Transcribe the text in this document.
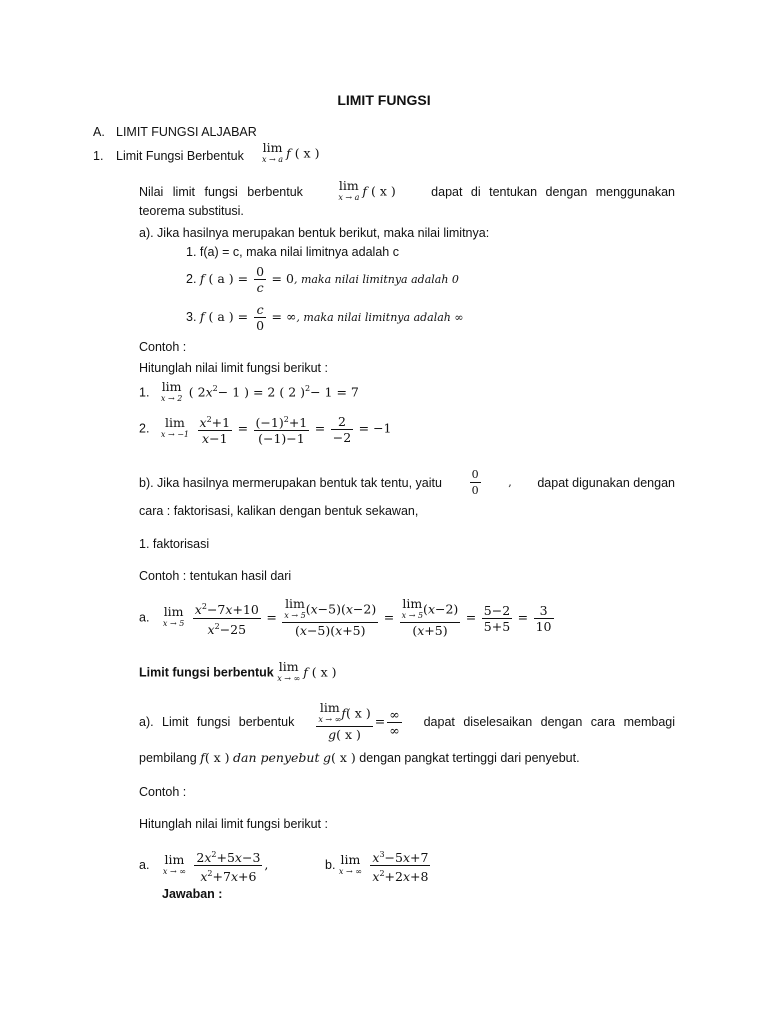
LIMIT FUNGSI
A. LIMIT FUNGSI ALJABAR
1. Limit Fungsi Berbentuk
lim
x → a f ( x )
Nilai limit fungsi berbentuk	lim
x → a f ( x )	dapat di tentukan dengan menggunakan
teorema substitusi.
a). Jika hasilnya merupakan bentuk berikut, maka nilai limitnya:
1. f(a) = c, maka nilai limitnya adalah c
2. f ( a ) = $\frac{0}{c} = 0$, maka nilai limitnya adalah 0
3. f ( a ) = $\frac{c}{0}$ = ∞, maka nilai limitnya adalah ∞
Contoh :
Hitunglah nilai limit fungsi berikut :
1. lim
x → 2 ( $2x^2- 1$ ) = 2 ( 2 )$^2$− 1 = 7
2.	lim
x → −1
$\frac{x^2+1}{x-1} = \frac{(-1)^2+1}{(-1)-1} = \frac{2}{-2} = -1$
b). Jika hasilnya mermerupakan bentuk tak tentu, yaitu	$\frac{0}{0}$	, dapat digunakan dengan
cara : faktorisasi, kalikan dengan bentuk sekawan,
1. faktorisasi
Contoh : tentukan hasil dari
a. lim
x → 5
$\frac{x^2-7x+10}{x^2-25} = \lim$
x → 5 (x−5)(x−2)
(x−5)(x+5) = lim
x → 5 (x−2)
$(x+5) = \frac{5-2}{5+5} = \frac{3}{10}$
Limit fungsi berbentuk lim
x → ∞ f ( x )
a). Limit fungsi berbentuk lim
x → ∞ f( x )
g( x ) = $\frac{\infty}{\infty}$ dapat diselesaikan dengan cara membagi
pembilang f( x ) dan penyebut g( x ) dengan pangkat tertinggi dari penyebut.
Contoh :
Hitunglah nilai limit fungsi berikut :
a. lim
x → ∞
$\frac{2x^2+5x-3}{x^2+7x+6}$ ,	b. lim
x → ∞
$\frac{x^3-5x+7}{x^2+2x+8}$
Jawaban :
